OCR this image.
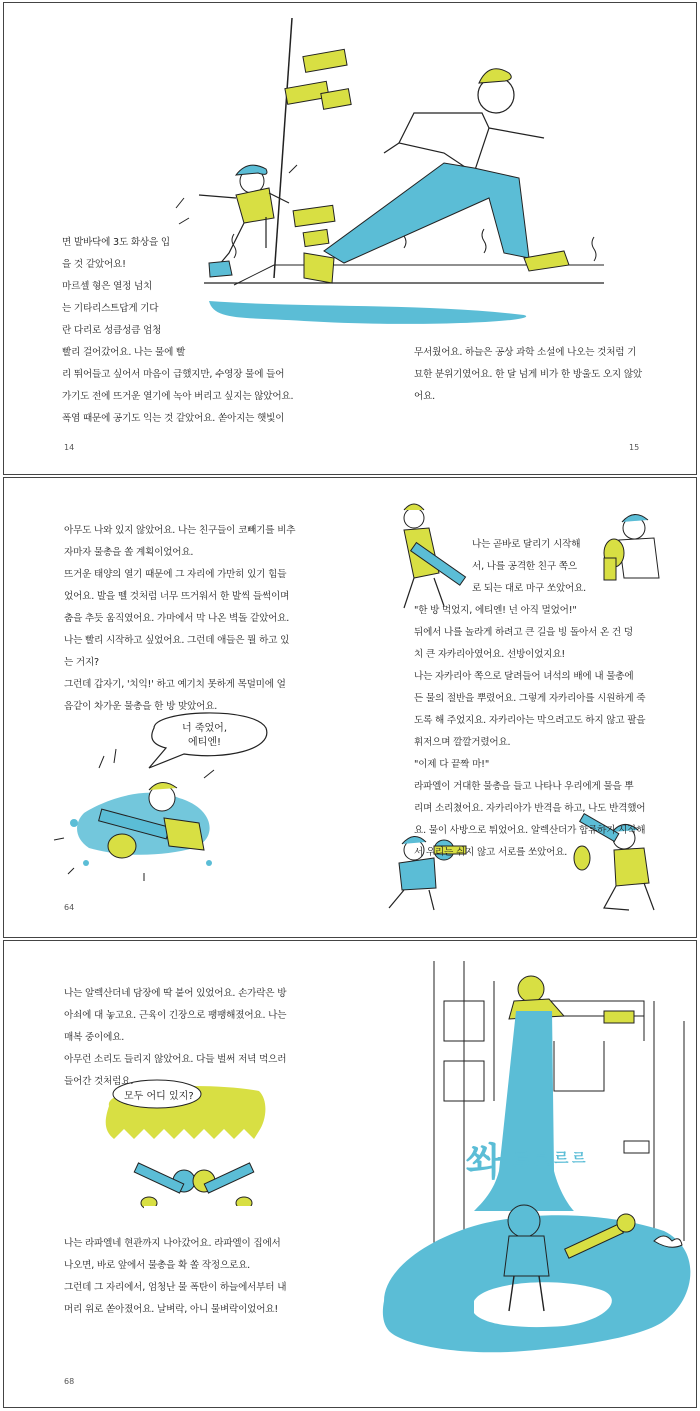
면 발바닥에 3도 화상을 입

을 것 같았어요!

마르셀 형은 열정 넘치

는 기타리스트답게 기다

란 다리로 성큼성큼 엄청

빨리 걸어갔어요. 나는 물에 빨

리 뛰어들고 싶어서 마음이 급했지만, 수영장 물에 들어

가기도 전에 뜨거운 열기에 녹아 버리고 싶지는 않았어요.

폭염 때문에 공기도 익는 것 같았어요. 쏟아지는 햇빛이

무서웠어요. 하늘은 공상 과학 소설에 나오는 것처럼 기

묘한 분위기였어요. 한 달 넘게 비가 한 방울도 오지 않았

어요.

14	15

아무도 나와 있지 않았어요. 나는 친구들이 코빼기를 비추

자마자 물총을 쏠 계획이었어요.

뜨거운 태양의 열기 때문에 그 자리에 가만히 있기 힘들

었어요. 발을 뗄 것처럼 너무 뜨거워서 한 발씩 들썩이며

춤을 추듯 움직였어요. 가마에서 막 나온 벽돌 같았어요.

나는 빨리 시작하고 싶었어요. 그런데 애들은 뭘 하고 있

는 거지?

그런데 갑자기, '치익!' 하고 예기치 못하게 목덜미에 얼

음같이 차가운 물총을 한 방 맞았어요.

너 죽었어,

에티엔!

나는 곧바로 달리기 시작해

서, 나를 공격한 친구 쪽으

로 되는 대로 마구 쏘았어요.

"한 방 먹었지, 에티엔! 넌 아직 멀었어!"

뒤에서 나를 놀라게 하려고 큰 길을 빙 돌아서 온 건 덩

치 큰 자카리아였어요. 선방이었지요!

나는 자카리아 쪽으로 달려들어 녀석의 배에 내 물총에

든 물의 절반을 뿌렸어요. 그렇게 자카리아를 시원하게 죽

도록 해 주었지요. 자카리아는 막으려고도 하지 않고 팔을

휘저으며 깔깔거렸어요.

"이제 다 끝짝 마!"

라파엘이 거대한 물총을 들고 나타나 우리에게 물을 뿌

리며 소리쳤어요. 자카리아가 반격을 하고, 나도 반격했어

요. 물이 사방으로 튀었어요. 알렉산더가 합류하기 시작해

서 우리는 쉬지 않고 서로를 쏘았어요.

64

나는 알렉산더네 담장에 딱 붙어 있었어요. 손가락은 방

아쇠에 대 놓고요. 근육이 긴장으로 팽팽해졌어요. 나는

매복 중이에요.

아무런 소리도 들리지 않았어요. 다들 벌써 저녁 먹으러

들어간 것처럼요.

모두 어디 있지?

나는 라파엘네 현관까지 나아갔어요. 라파엘이 집에서

나오면, 바로 앞에서 물총을 확 쏠 작정으로요.

그런데 그 자리에서, 엄청난 물 폭탄이 하늘에서부터 내

머리 위로 쏟아졌어요. 날벼락, 아니 물벼락이었어요!

쏴 르 르 르 르
68
